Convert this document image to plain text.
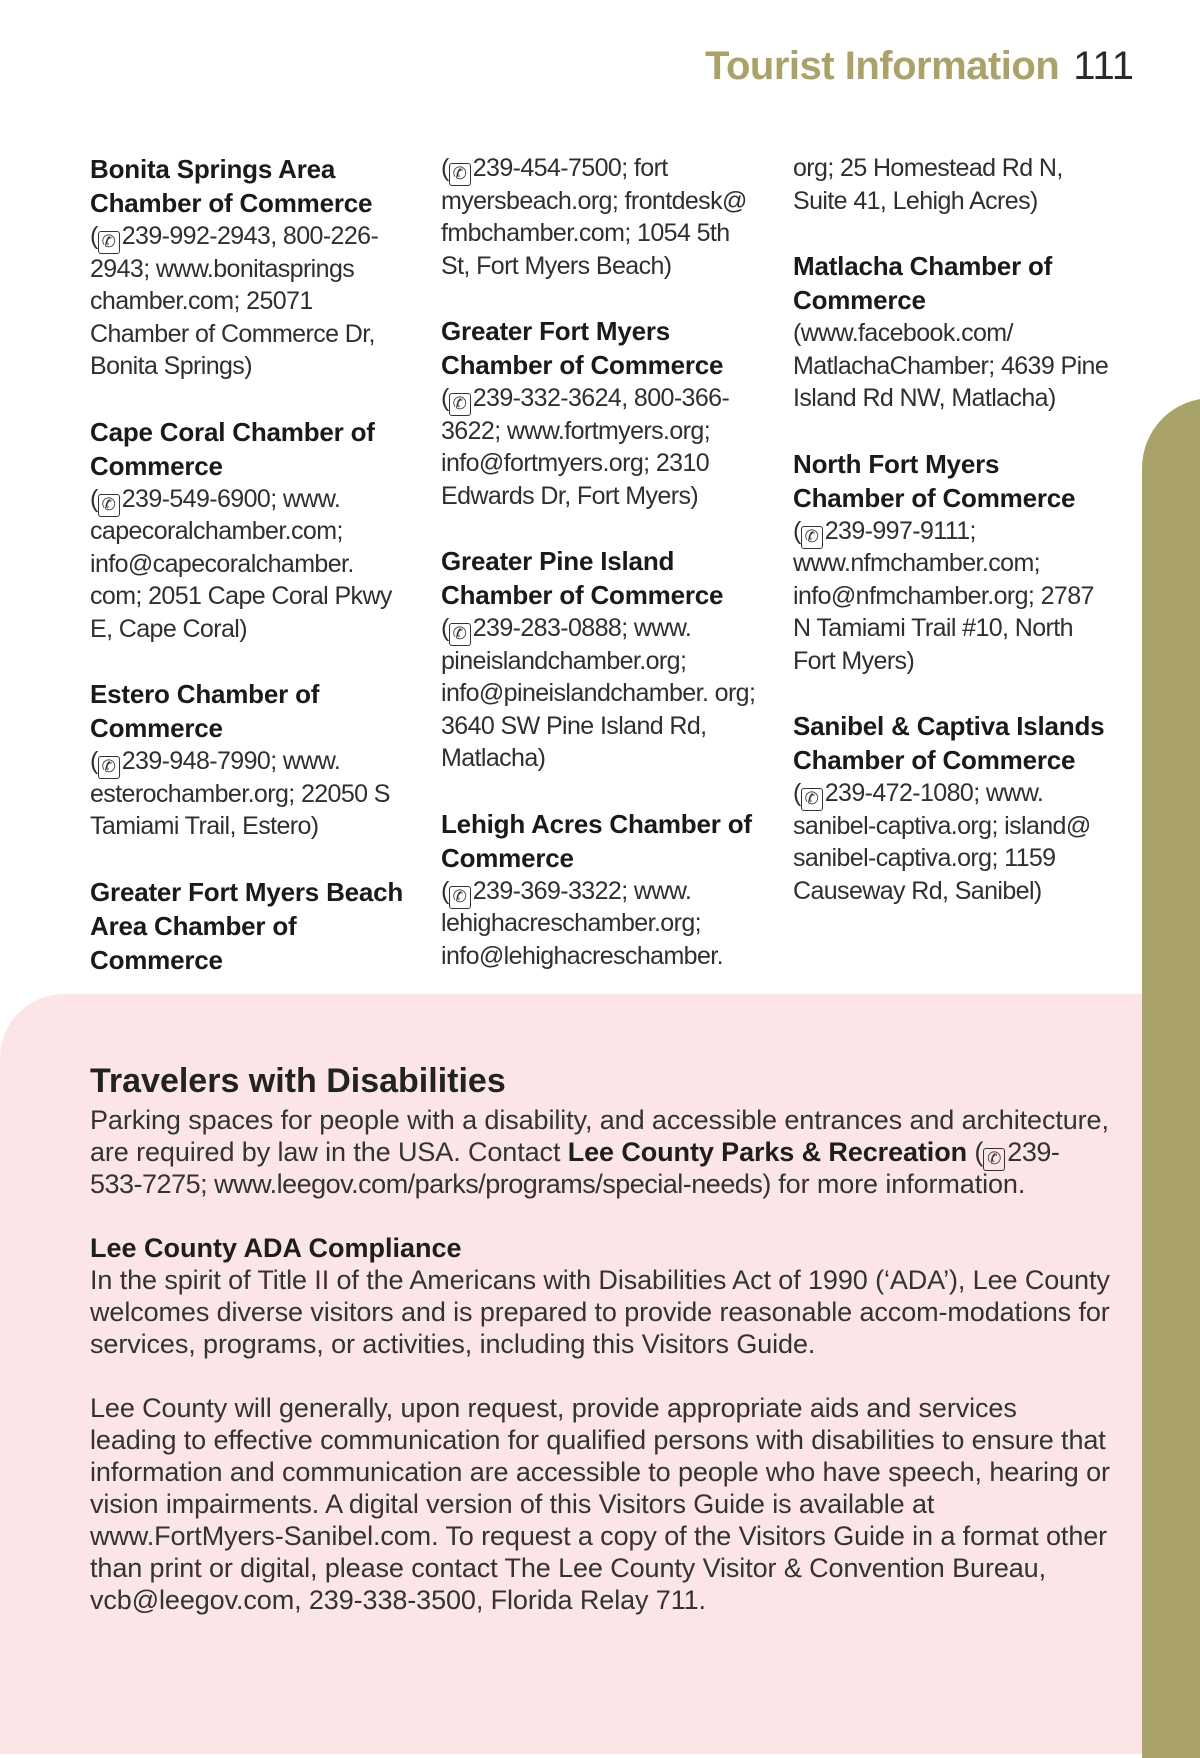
Tourist Information 111
Bonita Springs Area Chamber of Commerce
( ✆ 239-992-2943, 800-226-2943; www.bonitasprings chamber.com; 25071 Chamber of Commerce Dr, Bonita Springs)
Cape Coral Chamber of Commerce
( ✆ 239-549-6900; www. capecoralchamber.com; info@capecoralchamber. com; 2051 Cape Coral Pkwy E, Cape Coral)
Estero Chamber of Commerce
( ✆ 239-948-7990; www. esterochamber.org; 22050 S Tamiami Trail, Estero)
Greater Fort Myers Beach Area Chamber of Commerce
( ✆ 239-454-7500; fort myersbeach.org; frontdesk@ fmbchamber.com; 1054 5th St, Fort Myers Beach)
Greater Fort Myers Chamber of Commerce
( ✆ 239-332-3624, 800-366-3622; www.fortmyers.org; info@fortmyers.org; 2310 Edwards Dr, Fort Myers)
Greater Pine Island Chamber of Commerce
( ✆ 239-283-0888; www. pineislandchamber.org; info@pineislandchamber. org; 3640 SW Pine Island Rd, Matlacha)
Lehigh Acres Chamber of Commerce
( ✆ 239-369-3322; www. lehighacreschamber.org; info@lehighacreschamber.
org; 25 Homestead Rd N, Suite 41, Lehigh Acres)
Matlacha Chamber of Commerce
(www.facebook.com/ MatlachaChamber; 4639 Pine Island Rd NW, Matlacha)
North Fort Myers Chamber of Commerce
( ✆ 239-997-9111; www.nfmchamber.com; info@nfmchamber.org; 2787 N Tamiami Trail #10, North Fort Myers)
Sanibel & Captiva Islands Chamber of Commerce
( ✆ 239-472-1080; www. sanibel-captiva.org; island@ sanibel-captiva.org; 1159 Causeway Rd, Sanibel)
Travelers with Disabilities

Parking spaces for people with a disability, and accessible entrances and architecture, are required by law in the USA. Contact Lee County Parks & Recreation ( ✆ 239-533-7275; www.leegov.com/parks/programs/special-needs) for more information.

Lee County ADA Compliance

In the spirit of Title II of the Americans with Disabilities Act of 1990 (‘ADA’), Lee County welcomes diverse visitors and is prepared to provide reasonable accom-modations for services, programs, or activities, including this Visitors Guide.

Lee County will generally, upon request, provide appropriate aids and services leading to effective communication for qualified persons with disabilities to ensure that information and communication are accessible to people who have speech, hearing or vision impairments. A digital version of this Visitors Guide is available at www.FortMyers-Sanibel.com. To request a copy of the Visitors Guide in a format other than print or digital, please contact The Lee County Visitor & Convention Bureau, vcb@leegov.com, 239-338-3500, Florida Relay 711.
